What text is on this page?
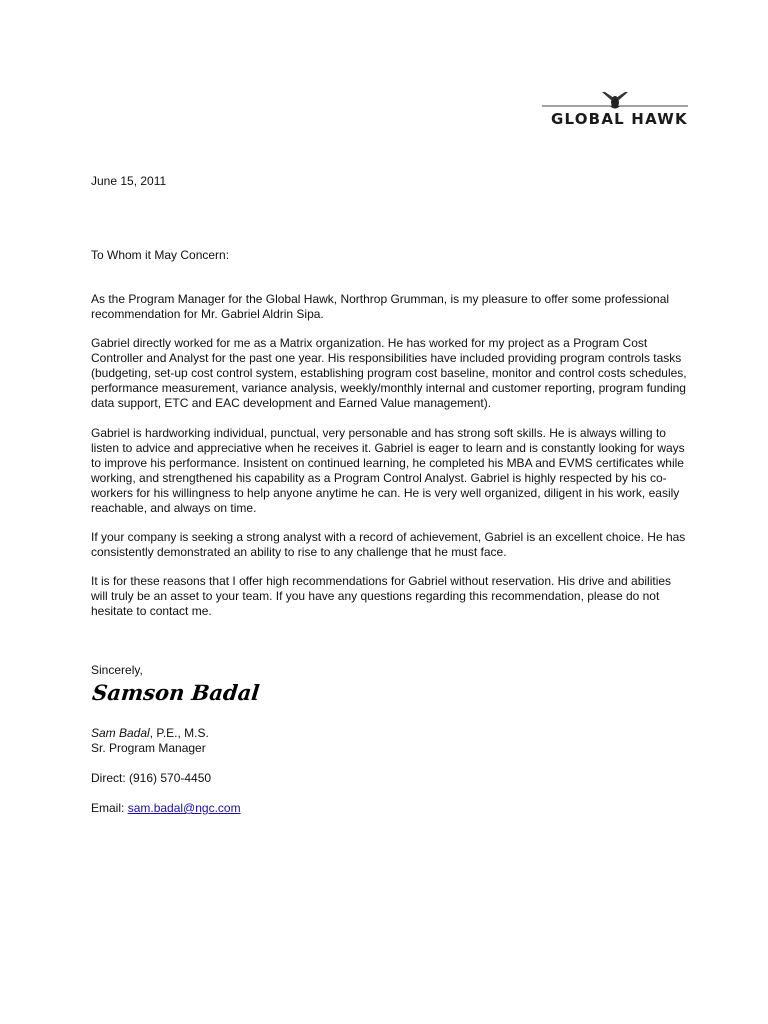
GLOBAL HAWK

June 15, 2011

To Whom it May Concern:

As the Program Manager for the Global Hawk, Northrop Grumman, is my pleasure to offer some professional recommendation for Mr. Gabriel Aldrin Sipa.

Gabriel directly worked for me as a Matrix organization. He has worked for my project as a Program Cost Controller and Analyst for the past one year. His responsibilities have included providing program controls tasks (budgeting, set-up cost control system, establishing program cost baseline, monitor and control costs schedules, performance measurement, variance analysis, weekly/monthly internal and customer reporting, program funding data support, ETC and EAC development and Earned Value management).

Gabriel is hardworking individual, punctual, very personable and has strong soft skills. He is always willing to listen to advice and appreciative when he receives it. Gabriel is eager to learn and is constantly looking for ways to improve his performance. Insistent on continued learning, he completed his MBA and EVMS certificates while working, and strengthened his capability as a Program Control Analyst. Gabriel is highly respected by his co-workers for his willingness to help anyone anytime he can. He is very well organized, diligent in his work, easily reachable, and always on time.

If your company is seeking a strong analyst with a record of achievement, Gabriel is an excellent choice. He has consistently demonstrated an ability to rise to any challenge that he must face.

It is for these reasons that I offer high recommendations for Gabriel without reservation. His drive and abilities will truly be an asset to your team. If you have any questions regarding this recommendation, please do not hesitate to contact me.

Sincerely,

Samson Badal

Sam Badal, P.E., M.S.

Sr. Program Manager

Direct: (916) 570-4450

Email: sam.badal@ngc.com
